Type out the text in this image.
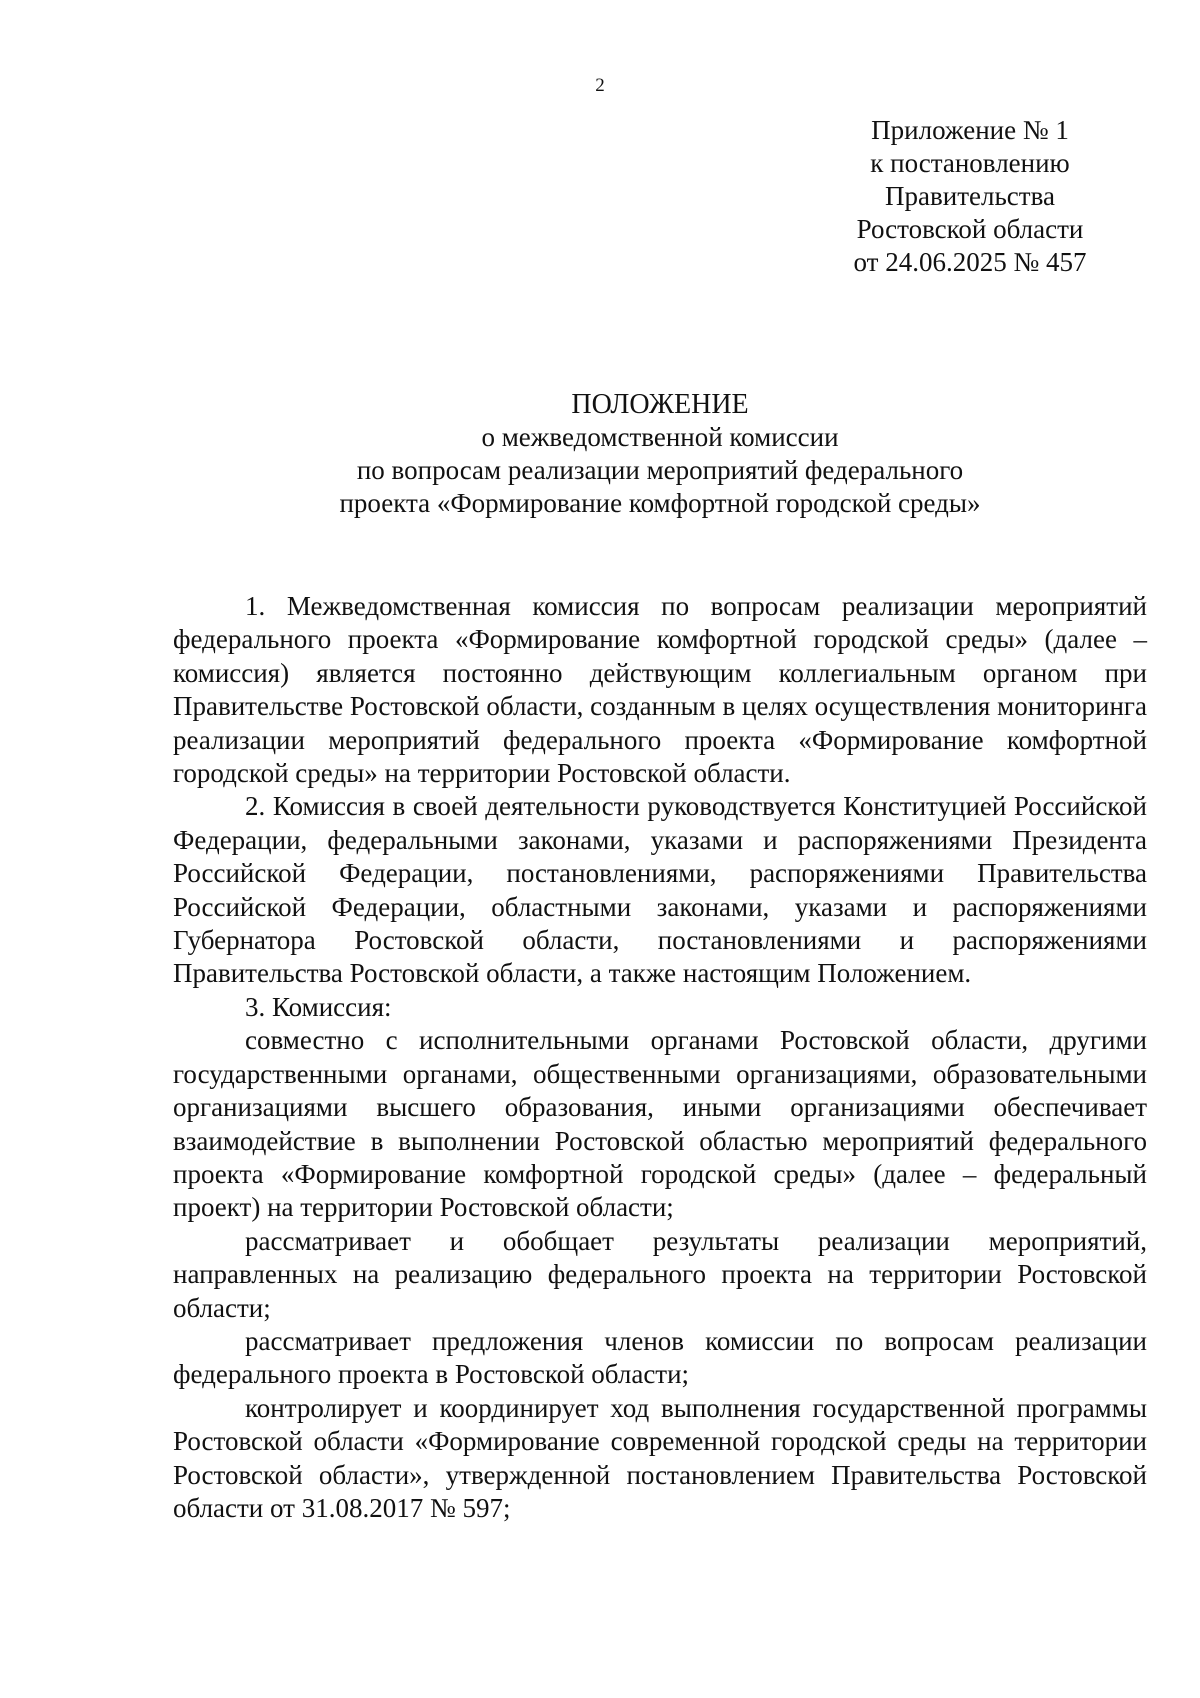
2
Приложение № 1
к постановлению
Правительства
Ростовской области
от 24.06.2025 № 457
ПОЛОЖЕНИЕ
о межведомственной комиссии
по вопросам реализации мероприятий федерального
проекта «Формирование комфортной городской среды»

1. Межведомственная комиссия по вопросам реализации мероприятий федерального проекта «Формирование комфортной городской среды» (далее – комиссия) является постоянно действующим коллегиальным органом при Правительстве Ростовской области, созданным в целях осуществления мониторинга реализации мероприятий федерального проекта «Формирование комфортной городской среды» на территории Ростовской области.

2. Комиссия в своей деятельности руководствуется Конституцией Российской Федерации, федеральными законами, указами и распоряжениями Президента Российской Федерации, постановлениями, распоряжениями Правительства Российской Федерации, областными законами, указами и распоряжениями Губернатора Ростовской области, постановлениями и распоряжениями Правительства Ростовской области, а также настоящим Положением.

3. Комиссия:

совместно с исполнительными органами Ростовской области, другими государственными органами, общественными организациями, образовательными организациями высшего образования, иными организациями обеспечивает взаимодействие в выполнении Ростовской областью мероприятий федерального проекта «Формирование комфортной городской среды» (далее – федеральный проект) на территории Ростовской области;

рассматривает и обобщает результаты реализации мероприятий, направленных на реализацию федерального проекта на территории Ростовской области;

рассматривает предложения членов комиссии по вопросам реализации федерального проекта в Ростовской области;

контролирует и координирует ход выполнения государственной программы Ростовской области «Формирование современной городской среды на территории Ростовской области», утвержденной постановлением Правительства Ростовской области от 31.08.2017 № 597;
